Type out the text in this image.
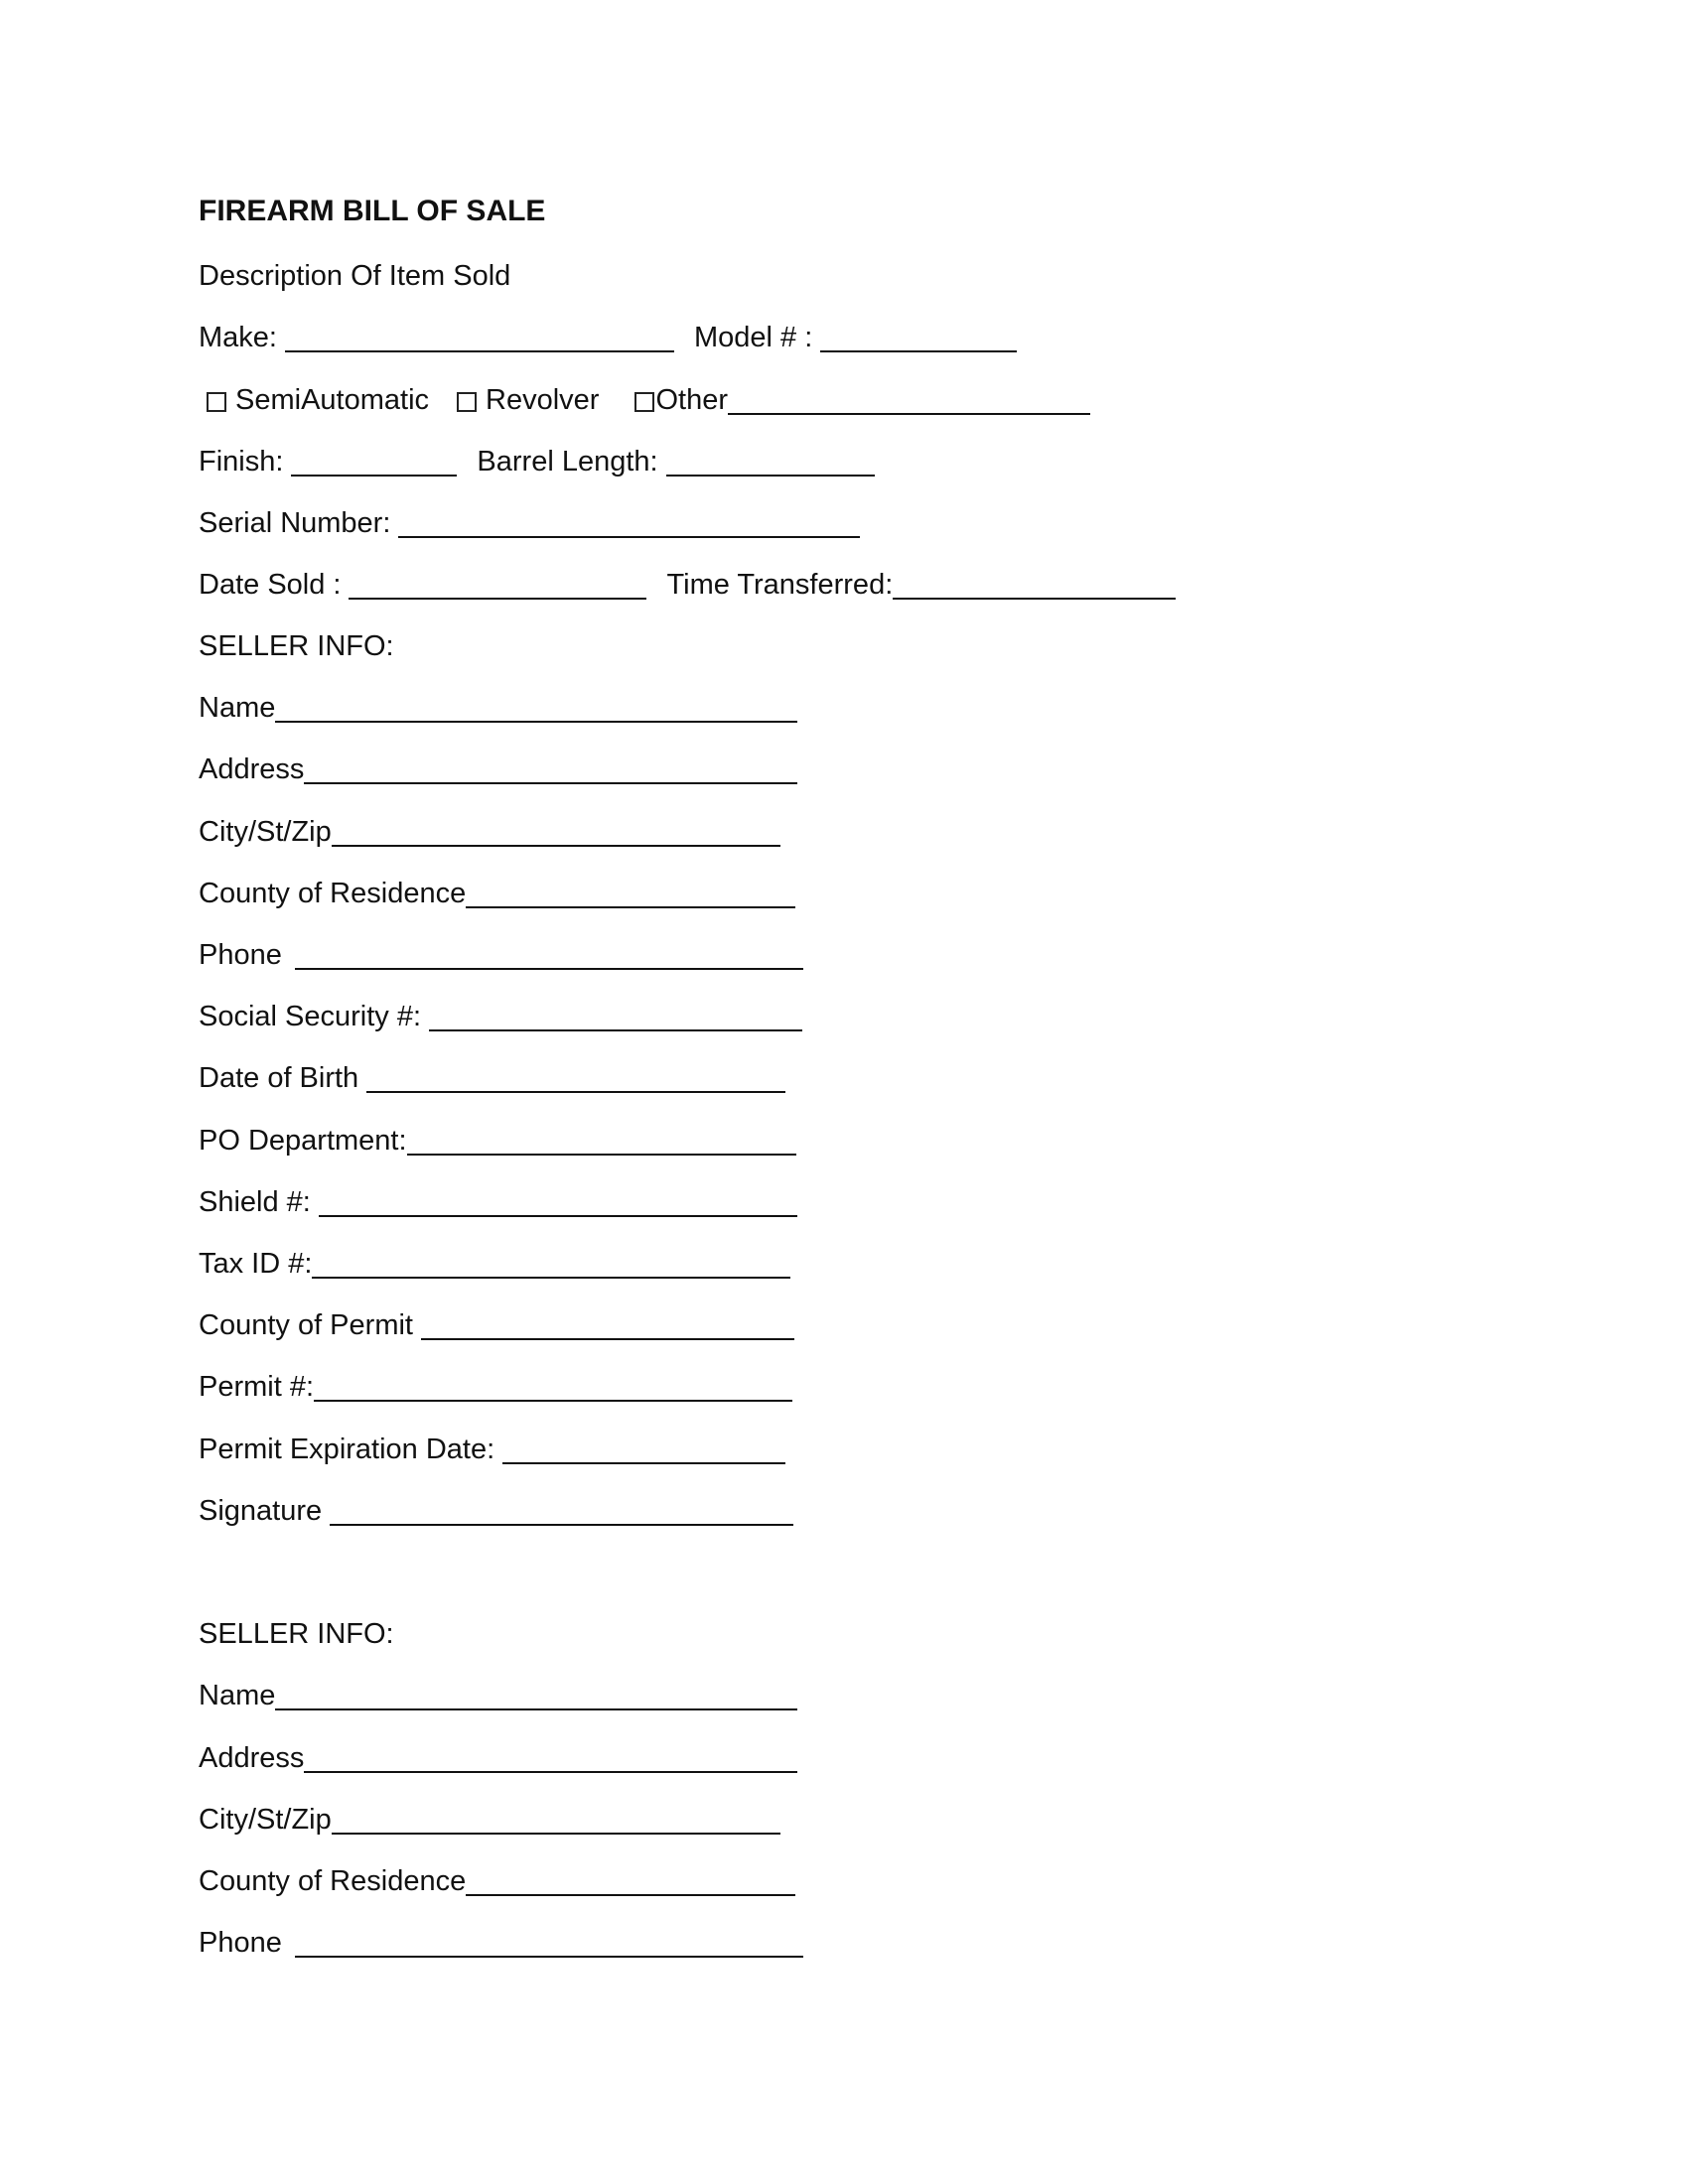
FIREARM BILL OF SALE
Description Of Item Sold
Make:	Model # :
SemiAutomatic Revolver Other
Finish:	Barrel Length:
Serial Number:
Date Sold :	Time Transferred:
SELLER INFO:
Name
Address
City/St/Zip
County of Residence
Phone
Social Security #:
Date of Birth
PO Department:
Shield #:
Tax ID #:
County of Permit
Permit #:
Permit Expiration Date:
Signature
SELLER INFO:
Name
Address
City/St/Zip
County of Residence
Phone
